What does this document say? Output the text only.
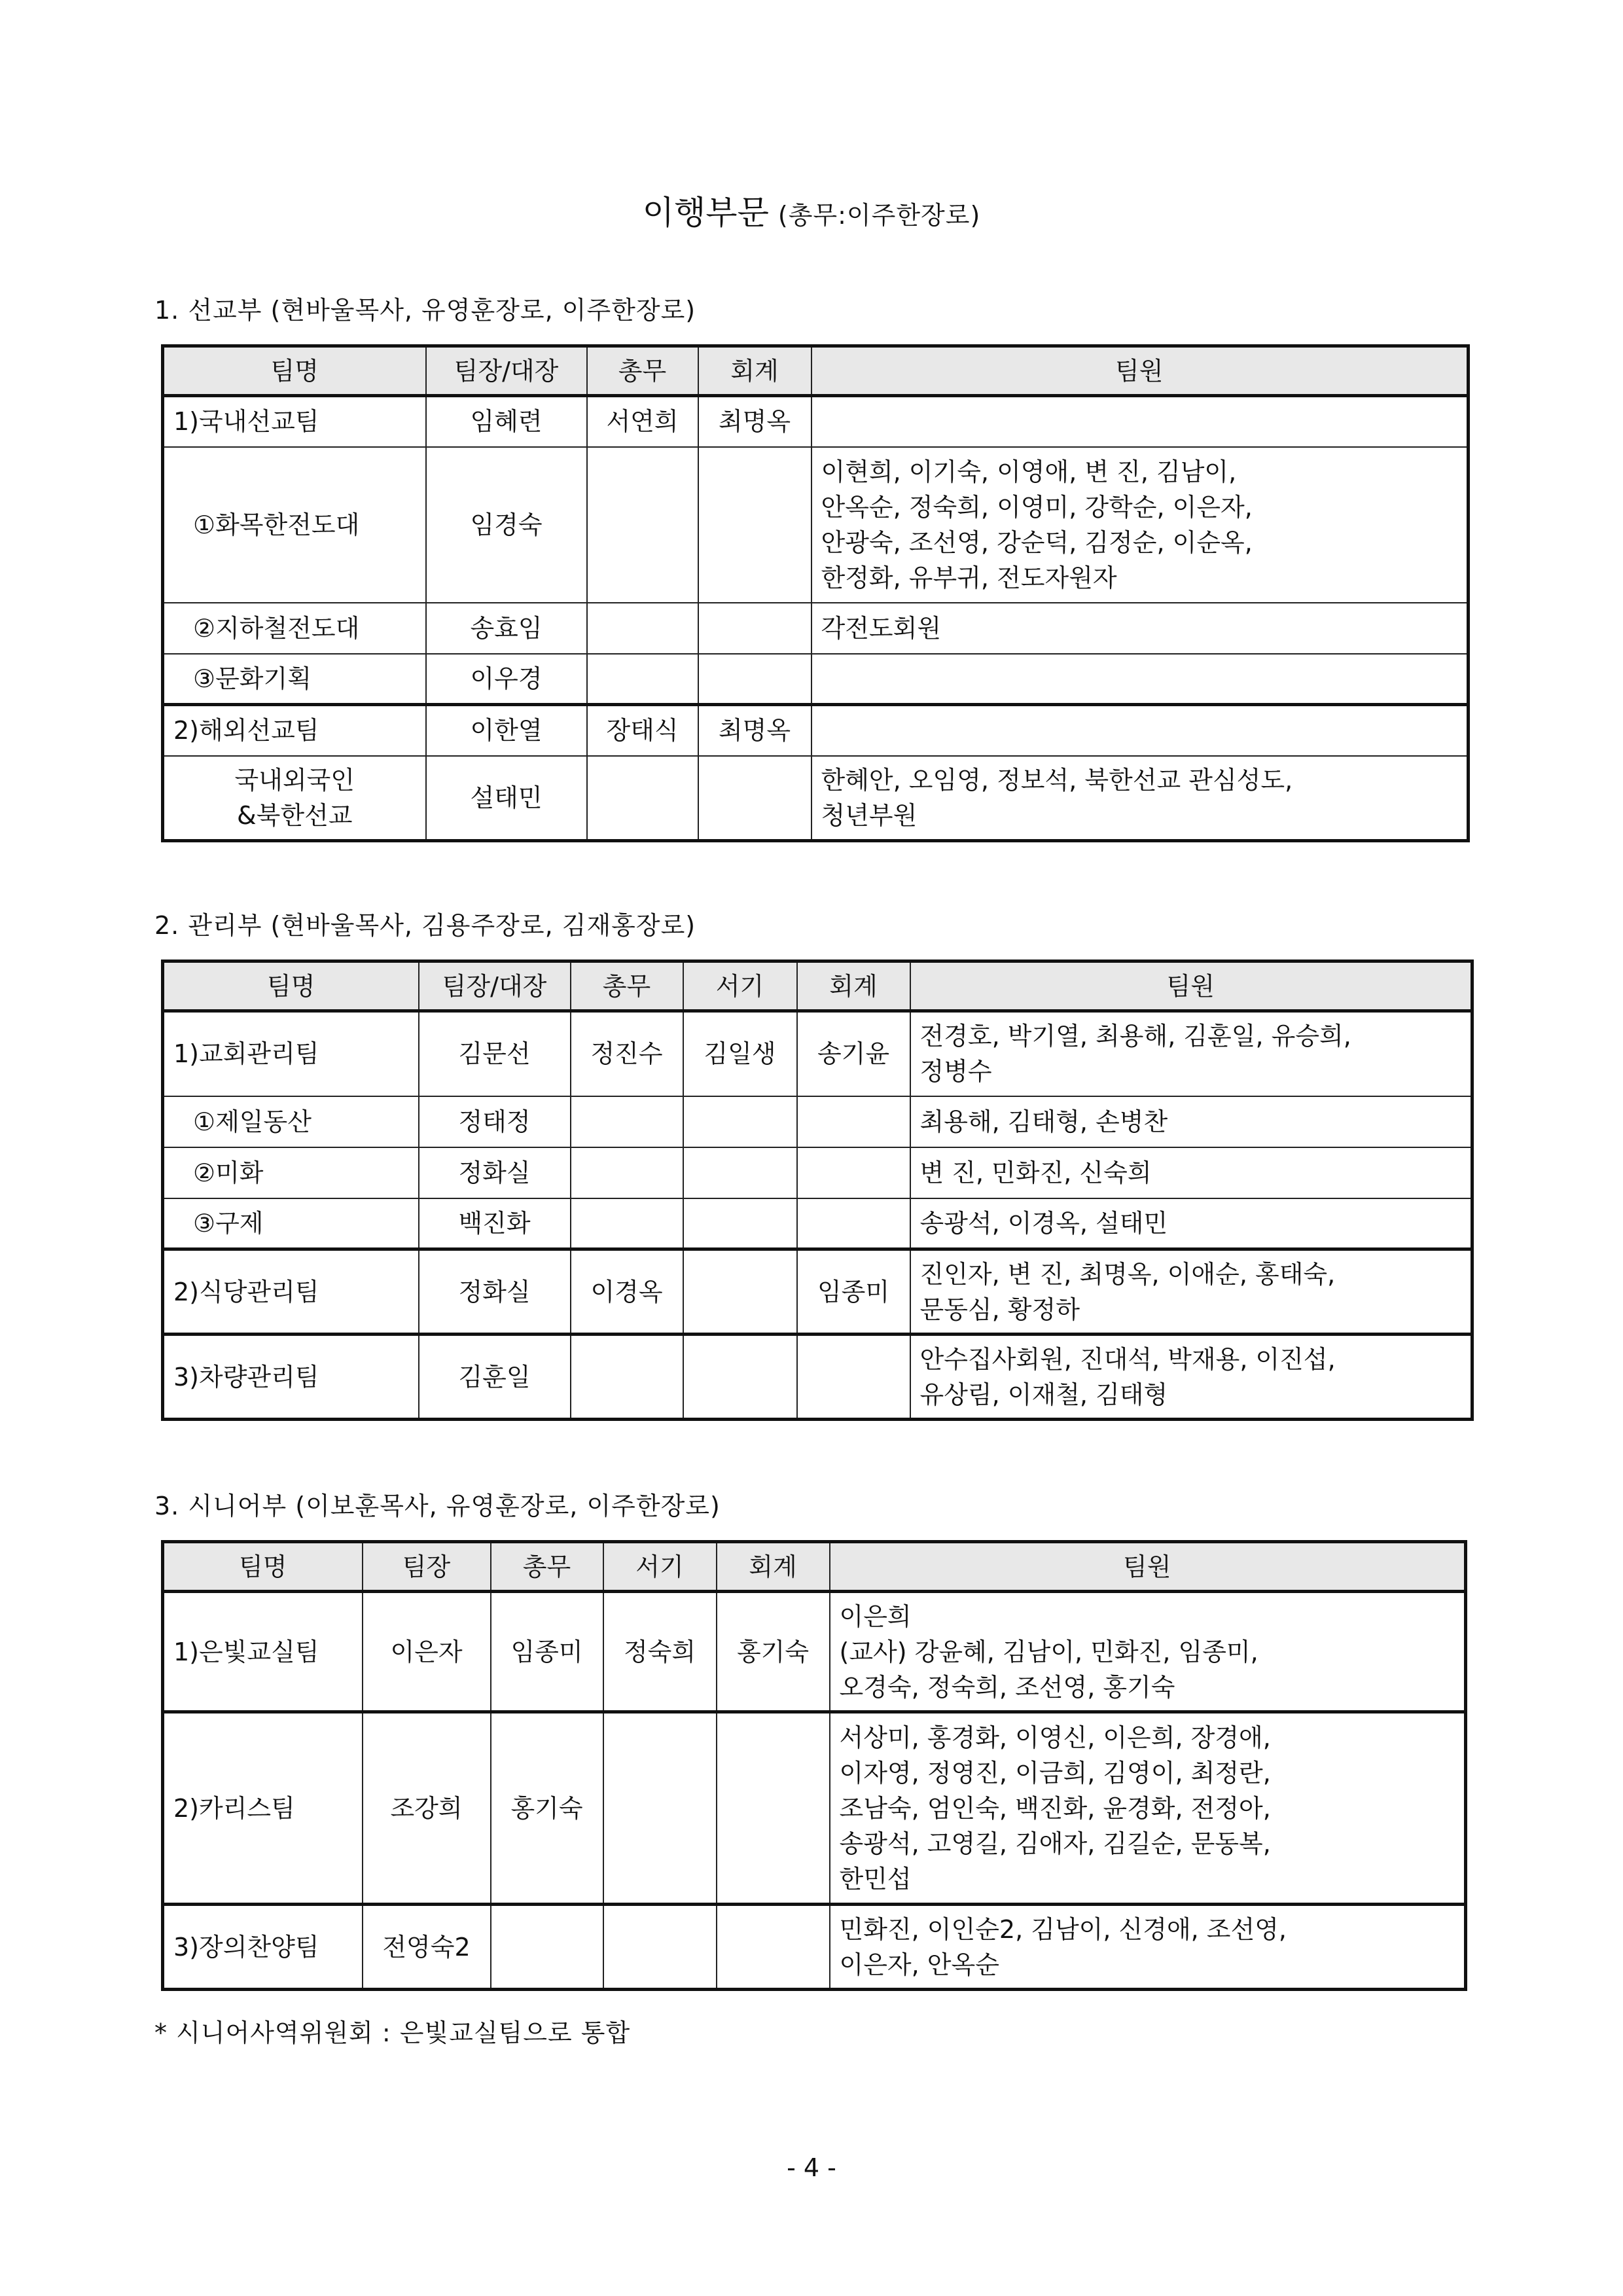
이행부문 (총무:이주한장로)
1. 선교부 (현바울목사, 유영훈장로, 이주한장로)
팀명	팀장/대장	총무	회계	팀원
1)국내선교팀	임혜련	서연희	최명옥	
①화목한전도대	임경숙			이현희, 이기숙, 이영애, 변 진, 김남이,
안옥순, 정숙희, 이영미, 강학순, 이은자,
안광숙, 조선영, 강순덕, 김정순, 이순옥,
한정화, 유부귀, 전도자원자
②지하철전도대	송효임			각전도회원
③문화기획	이우경			
2)해외선교팀	이한열	장태식	최명옥	
국내외국인
&북한선교	설태민			한혜안, 오임영, 정보석, 북한선교 관심성도,
청년부원
2. 관리부 (현바울목사, 김용주장로, 김재홍장로)
팀명	팀장/대장	총무	서기	회계	팀원
1)교회관리팀	김문선	정진수	김일생	송기윤	전경호, 박기열, 최용해, 김훈일, 유승희,
정병수
①제일동산	정태정				최용해, 김태형, 손병찬
②미화	정화실				변 진, 민화진, 신숙희
③구제	백진화				송광석, 이경옥, 설태민
2)식당관리팀	정화실	이경옥		임종미	진인자, 변 진, 최명옥, 이애순, 홍태숙,
문동심, 황정하
3)차량관리팀	김훈일				안수집사회원, 진대석, 박재용, 이진섭,
유상림, 이재철, 김태형
3. 시니어부 (이보훈목사, 유영훈장로, 이주한장로)
팀명	팀장	총무	서기	회계	팀원
1)은빛교실팀	이은자	임종미	정숙희	홍기숙	이은희
(교사) 강윤혜, 김남이, 민화진, 임종미,
오경숙, 정숙희, 조선영, 홍기숙
2)카리스팀	조강희	홍기숙			서상미, 홍경화, 이영신, 이은희, 장경애,
이자영, 정영진, 이금희, 김영이, 최정란,
조남숙, 엄인숙, 백진화, 윤경화, 전정아,
송광석, 고영길, 김애자, 김길순, 문동복,
한민섭
3)장의찬양팀	전영숙2				민화진, 이인순2, 김남이, 신경애, 조선영,
이은자, 안옥순
* 시니어사역위원회 : 은빛교실팀으로 통합
- 4 -
